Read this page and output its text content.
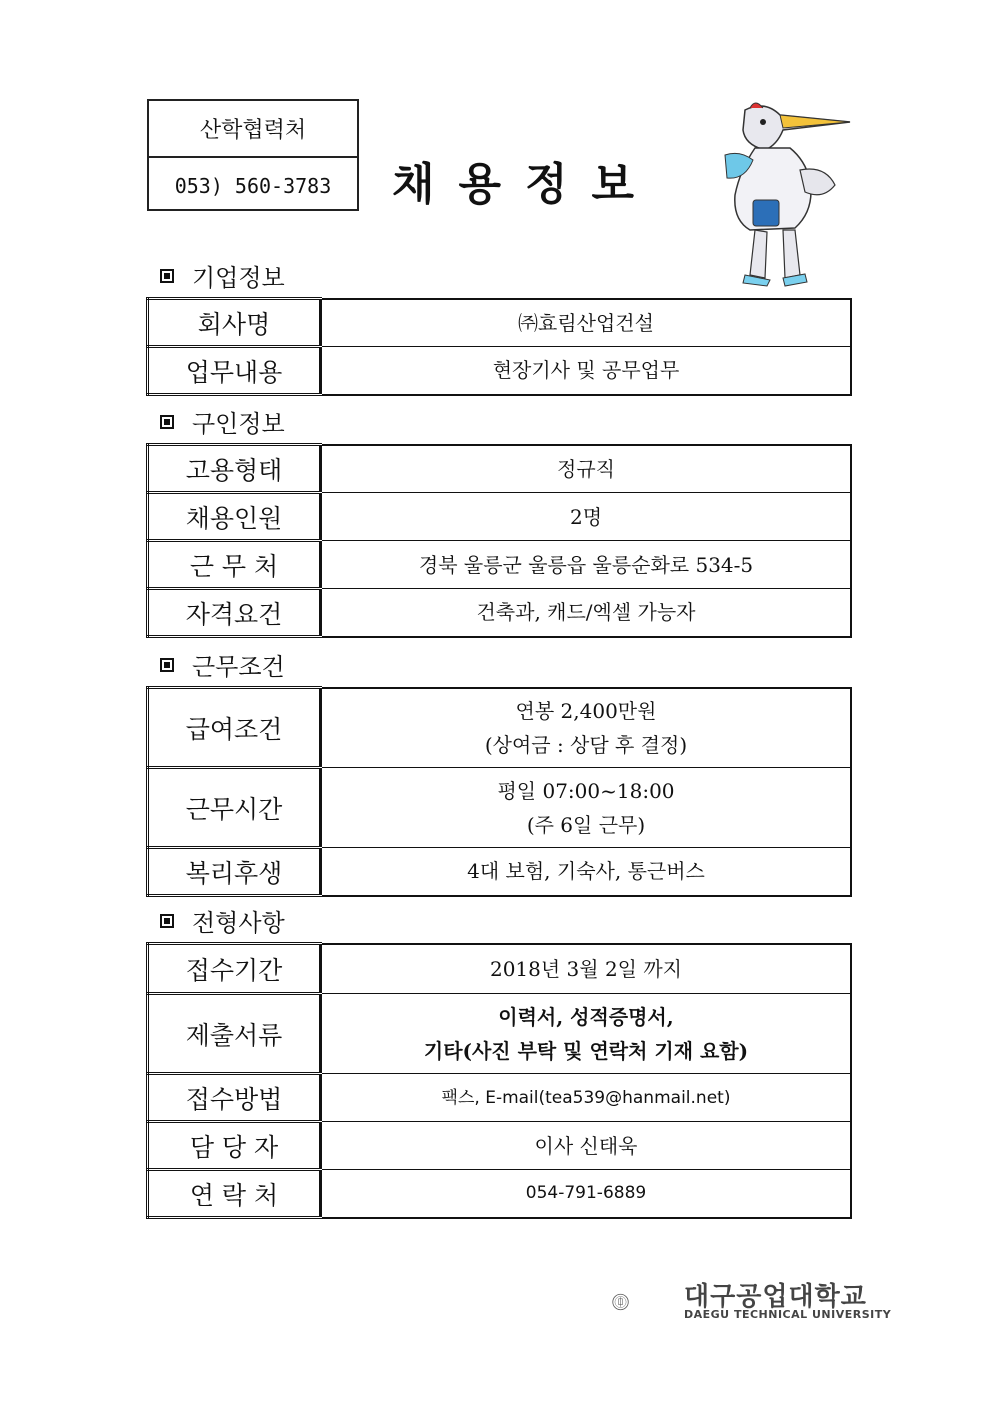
산학협력처
053) 560-3783	채용정보
기업정보
회사명	㈜효림산업건설
업무내용	현장기사 및 공무업무
구인정보
고용형태	정규직
채용인원	2명
근 무 처	경북 울릉군 울릉읍 울릉순화로 534-5
자격요건	건축과, 캐드/엑셀 가능자
근무조건
급여조건	연봉 2,400만원
(상여금 : 상담 후 결정)

근무시간	평일 07:00~18:00
(주 6일 근무)

복리후생	4대 보험, 기숙사, 통근버스
전형사항
접수기간	2018년 3월 2일 까지
제출서류	이력서, 성적증명서,
기타(사진 부탁 및 연락처 기재 요함)

접수방법	팩스, E-mail(tea539@hanmail.net)
담 당 자	이사 신태욱
연 락 처	054-791-6889
대구공업대학교
DAEGU TECHNICAL UNIVERSITY
